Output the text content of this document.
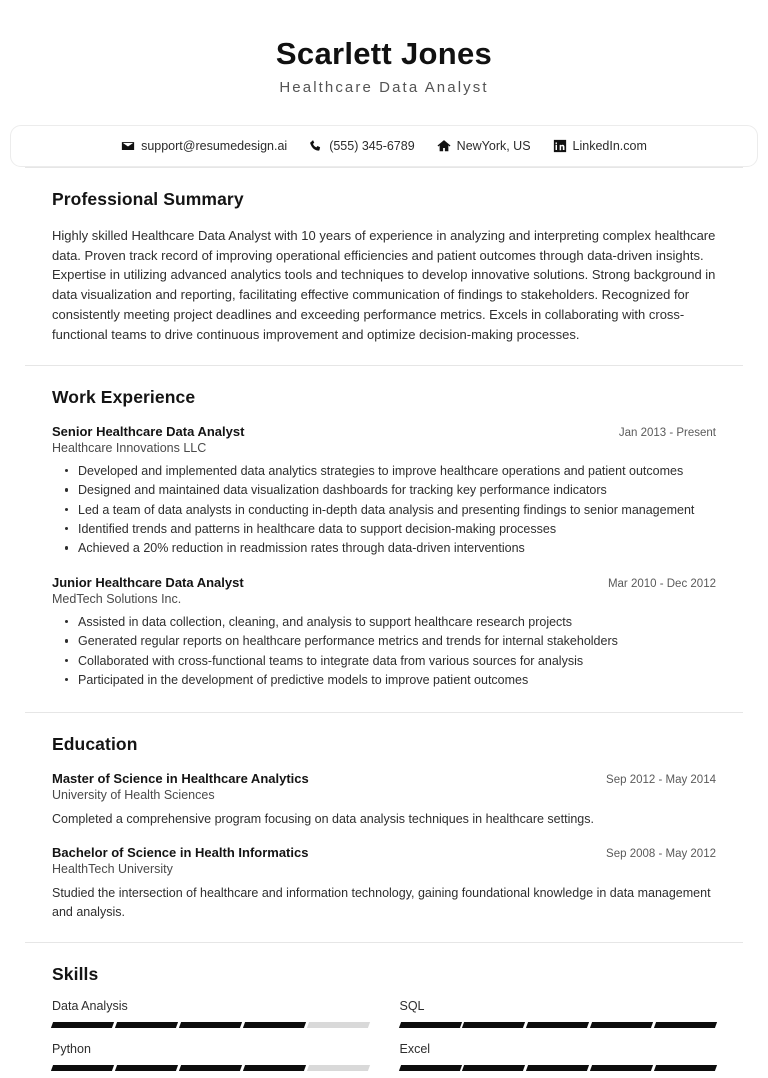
Scarlett Jones
Healthcare Data Analyst
support@resumedesign.ai	(555) 345-6789	NewYork, US	LinkedIn.com
Professional Summary

Highly skilled Healthcare Data Analyst with 10 years of experience in analyzing and interpreting complex healthcare data. Proven track record of improving operational efficiencies and patient outcomes through data-driven insights. Expertise in utilizing advanced analytics tools and techniques to develop innovative solutions. Strong background in data visualization and reporting, facilitating effective communication of findings to stakeholders. Recognized for consistently meeting project deadlines and exceeding performance metrics. Excels in collaborating with cross-functional teams to drive continuous improvement and optimize decision-making processes.

Work Experience
Senior Healthcare Data Analyst	Jan 2013 - Present
Healthcare Innovations LLC
Developed and implemented data analytics strategies to improve healthcare operations and patient outcomes
Designed and maintained data visualization dashboards for tracking key performance indicators
Led a team of data analysts in conducting in-depth data analysis and presenting findings to senior management
Identified trends and patterns in healthcare data to support decision-making processes
Achieved a 20% reduction in readmission rates through data-driven interventions
Junior Healthcare Data Analyst	Mar 2010 - Dec 2012
MedTech Solutions Inc.
Assisted in data collection, cleaning, and analysis to support healthcare research projects
Generated regular reports on healthcare performance metrics and trends for internal stakeholders
Collaborated with cross-functional teams to integrate data from various sources for analysis
Participated in the development of predictive models to improve patient outcomes
Education
Master of Science in Healthcare Analytics	Sep 2012 - May 2014
University of Health Sciences
Completed a comprehensive program focusing on data analysis techniques in healthcare settings.
Bachelor of Science in Health Informatics	Sep 2008 - May 2012
HealthTech University
Studied the intersection of healthcare and information technology, gaining foundational knowledge in data management and analysis.
Skills
Data Analysis	SQL
Python	Excel
